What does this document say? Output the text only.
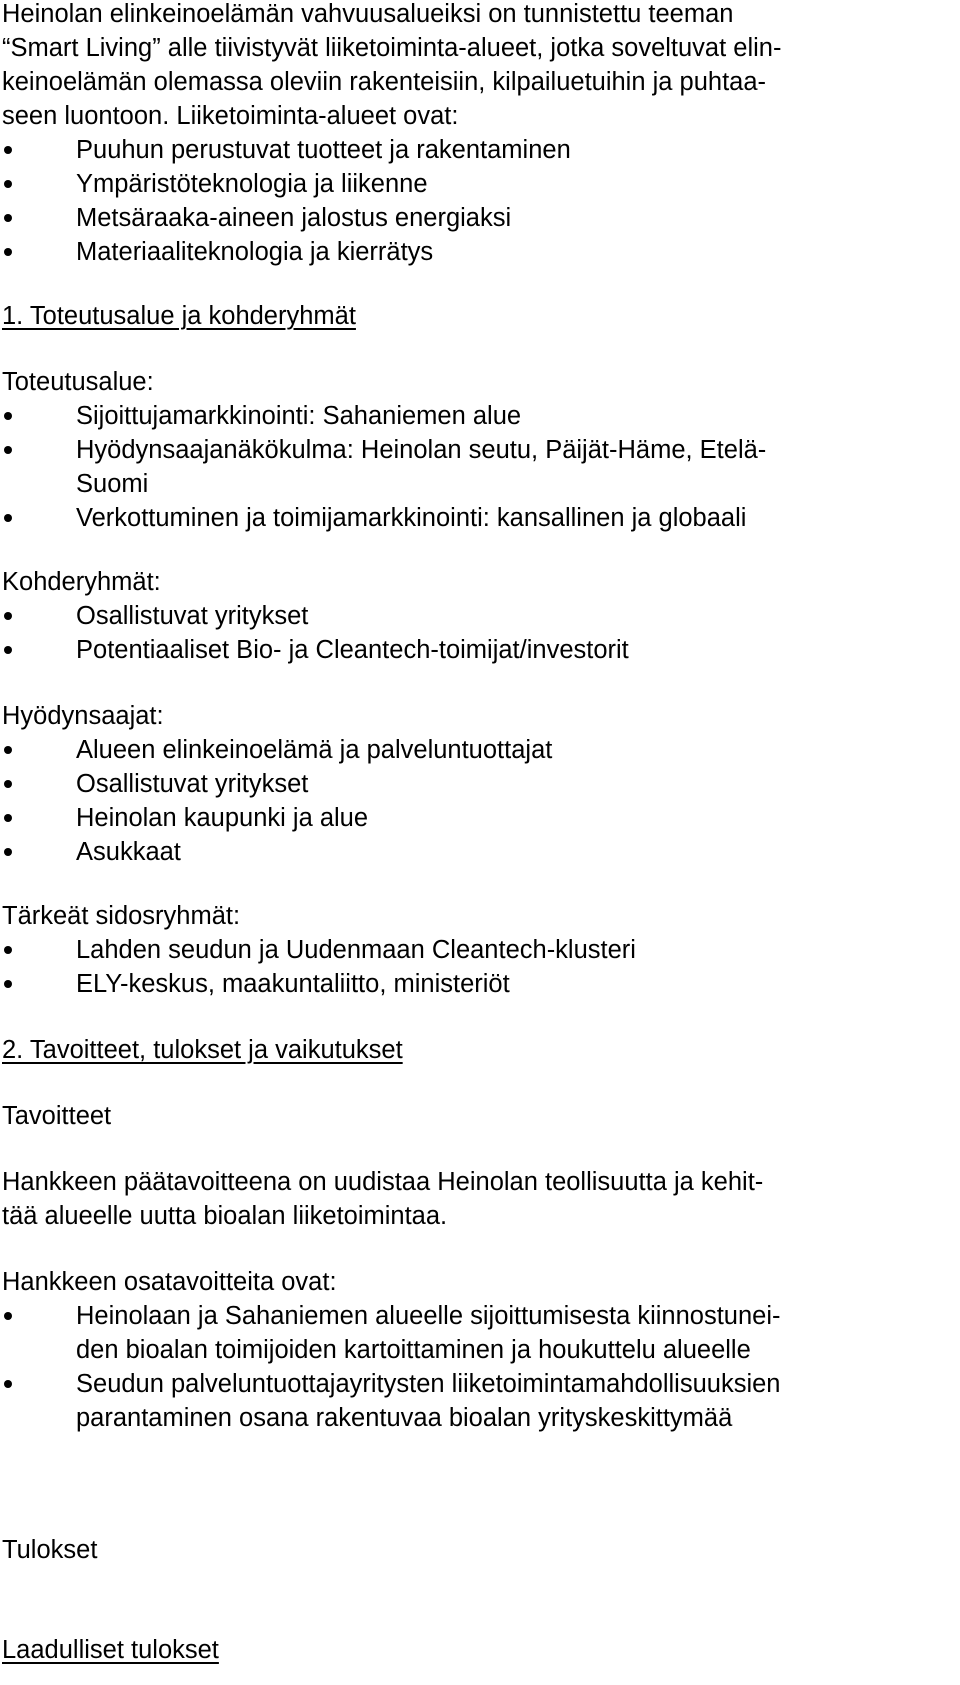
Heinolan elinkeinoelämän vahvuusalueiksi on tunnistettu teeman
“Smart Living” alle tiivistyvät liiketoiminta-alueet, jotka soveltuvat elin-
keinoelämän olemassa oleviin rakenteisiin, kilpailuetuihin ja puhtaa-
seen luontoon. Liiketoiminta-alueet ovat:
Puuhun perustuvat tuotteet ja rakentaminen
Ympäristöteknologia ja liikenne
Metsäraaka-aineen jalostus energiaksi
Materiaaliteknologia ja kierrätys
1. Toteutusalue ja kohderyhmät
Toteutusalue:
Sijoittujamarkkinointi: Sahaniemen alue
Hyödynsaajanäkökulma: Heinolan seutu, Päijät-Häme, Etelä-
Suomi
Verkottuminen ja toimijamarkkinointi: kansallinen ja globaali
Kohderyhmät:
Osallistuvat yritykset
Potentiaaliset Bio- ja Cleantech-toimijat/investorit
Hyödynsaajat:
Alueen elinkeinoelämä ja palveluntuottajat
Osallistuvat yritykset
Heinolan kaupunki ja alue
Asukkaat
Tärkeät sidosryhmät:
Lahden seudun ja Uudenmaan Cleantech-klusteri
ELY-keskus, maakuntaliitto, ministeriöt
2. Tavoitteet, tulokset ja vaikutukset
Tavoitteet
Hankkeen päätavoitteena on uudistaa Heinolan teollisuutta ja kehit-
tää alueelle uutta bioalan liiketoimintaa.
Hankkeen osatavoitteita ovat:
Heinolaan ja Sahaniemen alueelle sijoittumisesta kiinnostunei-
den bioalan toimijoiden kartoittaminen ja houkuttelu alueelle
Seudun palveluntuottajayritysten liiketoimintamahdollisuuksien
parantaminen osana rakentuvaa bioalan yrityskeskittymää
Tulokset
Laadulliset tulokset
